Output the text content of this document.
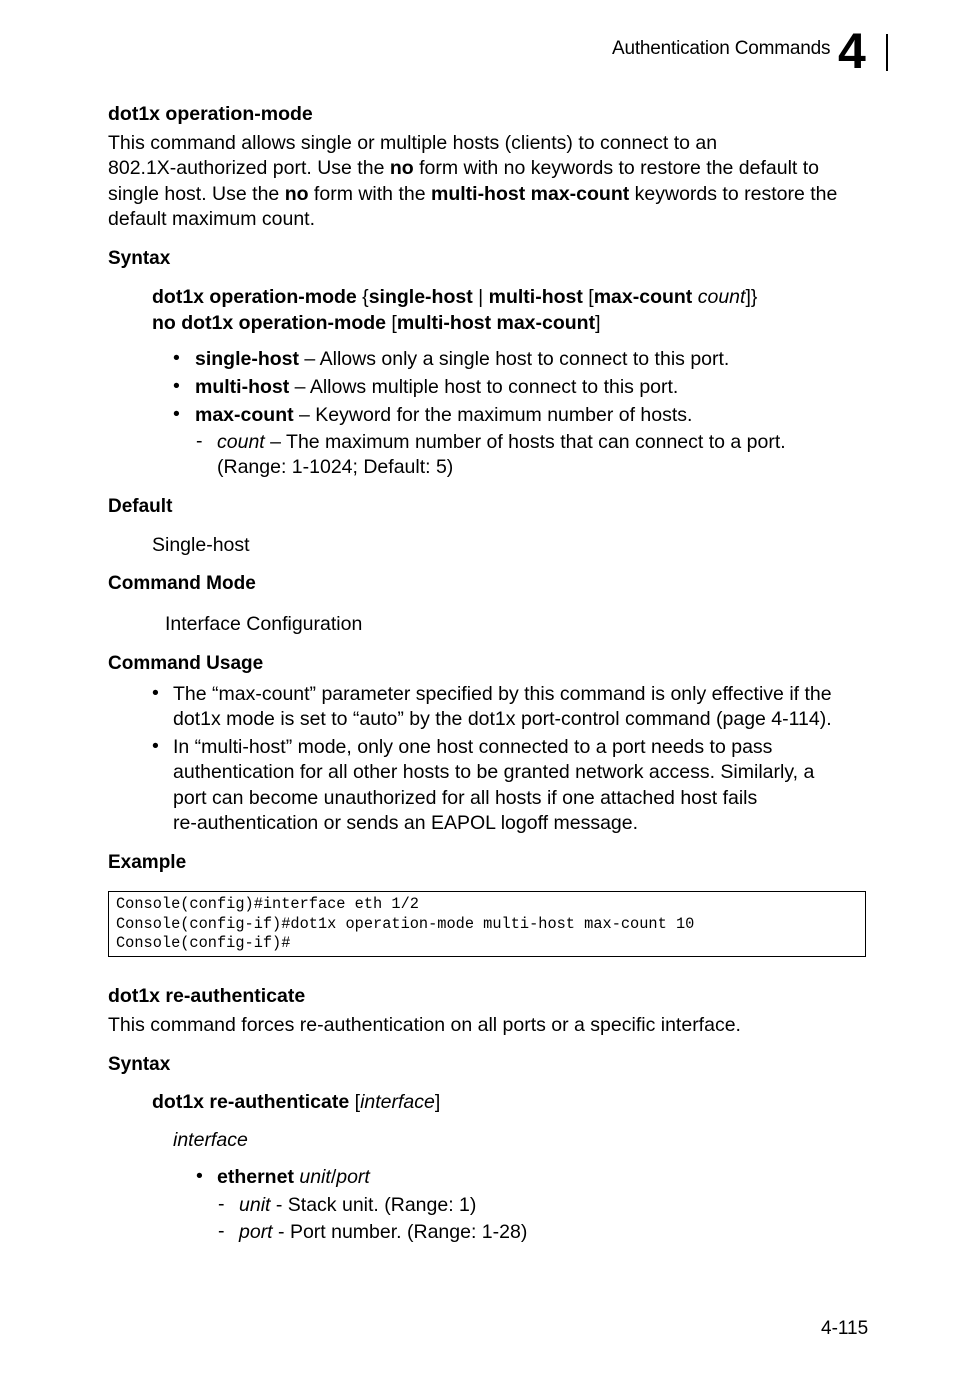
Authentication Commands 4
dot1x operation-mode
This command allows single or multiple hosts (clients) to connect to an
802.1X-authorized port. Use the no form with no keywords to restore the default to
single host. Use the no form with the multi-host max-count keywords to restore the
default maximum count.
Syntax
dot1x operation-mode {single-host | multi-host [max-count count]}
no dot1x operation-mode [multi-host max-count]
• single-host – Allows only a single host to connect to this port.
• multi-host – Allows multiple host to connect to this port.
• max-count – Keyword for the maximum number of hosts.
- count – The maximum number of hosts that can connect to a port.
(Range: 1-1024; Default: 5)
Default
Single-host
Command Mode
Interface Configuration
Command Usage
• The “max-count” parameter specified by this command is only effective if the
dot1x mode is set to “auto” by the dot1x port-control command (page 4-114).
• In “multi-host” mode, only one host connected to a port needs to pass
authentication for all other hosts to be granted network access. Similarly, a
port can become unauthorized for all hosts if one attached host fails
re-authentication or sends an EAPOL logoff message.
Example
Console(config)#interface eth 1/2
Console(config-if)#dot1x operation-mode multi-host max-count 10
Console(config-if)#
dot1x re-authenticate
This command forces re-authentication on all ports or a specific interface.
Syntax
dot1x re-authenticate [interface]
interface
• ethernet unit/port
- unit - Stack unit. (Range: 1)
- port - Port number. (Range: 1-28)
4-115
